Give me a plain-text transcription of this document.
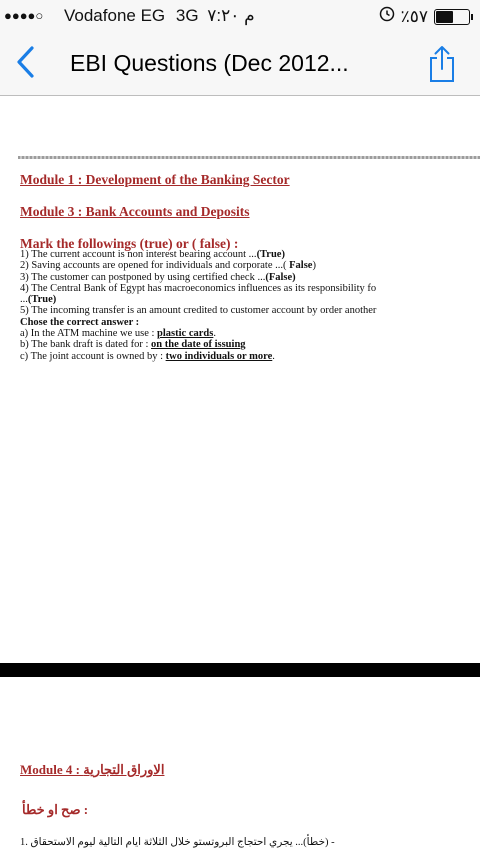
●●●●○ Vodafone EG 3G م ٧:٢٠	٪٥٧
EBI Questions (Dec 2012...
Module 1 : Development of the Banking Sector
Module 3 : Bank Accounts and Deposits
Mark the followings (true) or ( false) :
1) The current account is non interest bearing account ...(True)
2) Saving accounts are opened for individuals and corporate ...( False)
3) The customer can postponed by using certified check ...(False)
4) The Central Bank of Egypt has macroeconomics influences as its responsibility fo
...(True)
5) The incoming transfer is an amount credited to customer account by order another
Chose the correct answer :
a) In the ATM machine we use : plastic cards.
b) The bank draft is dated for : on the date of issuing
c) The joint account is owned by : two individuals or more.
Module 4 : الاوراق التجارية
: صح او خطأ
- (خطأ)... يجري احتجاج البروتستو خلال الثلاثة ايام التالية ليوم الاستحقاق .1
